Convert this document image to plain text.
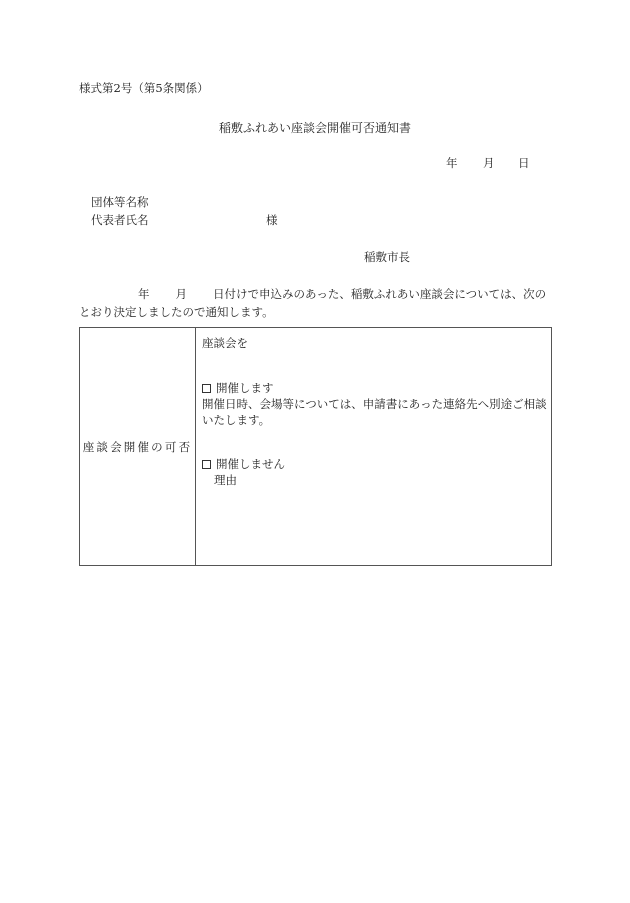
様式第2号（第5条関係）
稲敷ふれあい座談会開催可否通知書
年 月 日
団体等名称
代表者氏名	様
稲敷市長
年 月 日付けで申込みのあった、稲敷ふれあい座談会については、次の
とおり決定しましたので通知します。
座談会開催の可否
座談会を
開催します
開催日時、会場等については、申請書にあった連絡先へ別途ご相談
いたします。
開催しません
理由
